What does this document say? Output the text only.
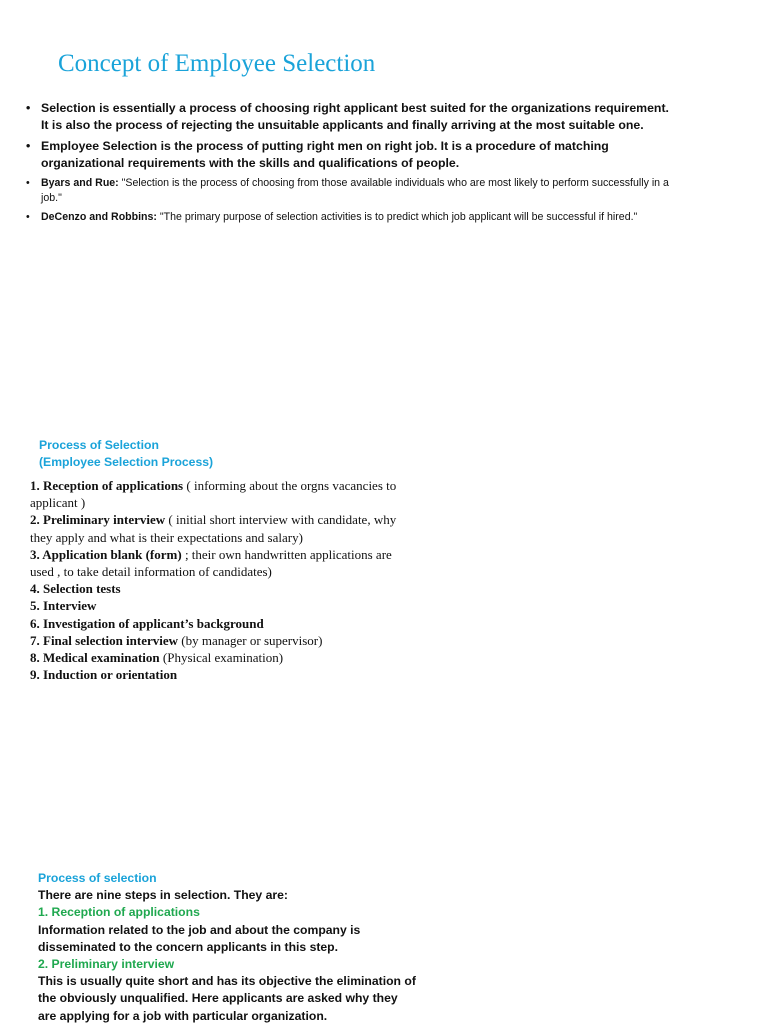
Concept of Employee Selection
• Selection is essentially a process of choosing right applicant best suited for the organizations requirement. It is also the process of rejecting the unsuitable applicants and finally arriving at the most suitable one.
• Employee Selection is the process of putting right men on right job. It is a procedure of matching organizational requirements with the skills and qualifications of people.
• Byars and Rue: "Selection is the process of choosing from those available individuals who are most likely to perform successfully in a job."
• DeCenzo and Robbins: "The primary purpose of selection activities is to predict which job applicant will be successful if hired."
Process of Selection
(Employee Selection Process)
1. Reception of applications ( informing about the orgns vacancies to applicant )
2. Preliminary interview ( initial short interview with candidate, why they apply and what is their expectations and salary)
3. Application blank (form) ; their own handwritten applications are used , to take detail information of candidates)
4. Selection tests
5. Interview
6. Investigation of applicant’s background
7. Final selection interview (by manager or supervisor)
8. Medical examination (Physical examination)
9. Induction or orientation
Process of selection
There are nine steps in selection. They are:
1. Reception of applications
Information related to the job and about the company is disseminated to the concern applicants in this step.
2. Preliminary interview
This is usually quite short and has its objective the elimination of the obviously unqualified. Here applicants are asked why they are applying for a job with particular organization.
